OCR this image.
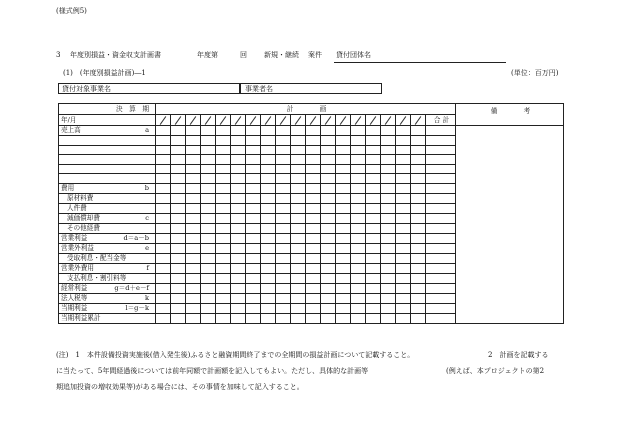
(様式例5)
3 年度別損益・資金収支計画書	年度第	回 新規・継続 案件 貸付団体名
(1)　(年度別損益計画)―1	(単位：百万円)
貸付対象事業名	事業者名
決　算　期	計　　　　画																			備　　　　考
年/月																			合 計	

売上高 a																				

費用 b																				

原材料費																				

人件費																				

減価償却費 c																				

その他経費																				

営業利益 d＝a－b																				

営業外利益 e																				

受取利息・配当金等																				

営業外費用 f																				

支払利息・割引料等																				

経常利益 g＝d＋e－f																				

法人税等 k																				

当期利益 l＝g－k																				

当期利益累計																				

(注)　1　本件設備投資実施後(借入発生後)ふるさと融資期間終了までの全期間の損益計画について記載すること。	2　計画を記載する
に当たって、5年間経過後については前年同額で計画額を記入してもよい。ただし、具体的な計画等	(例えば、本プロジェクトの第2
期追加投資の増収効果等)がある場合には、その事情を加味して記入すること。
